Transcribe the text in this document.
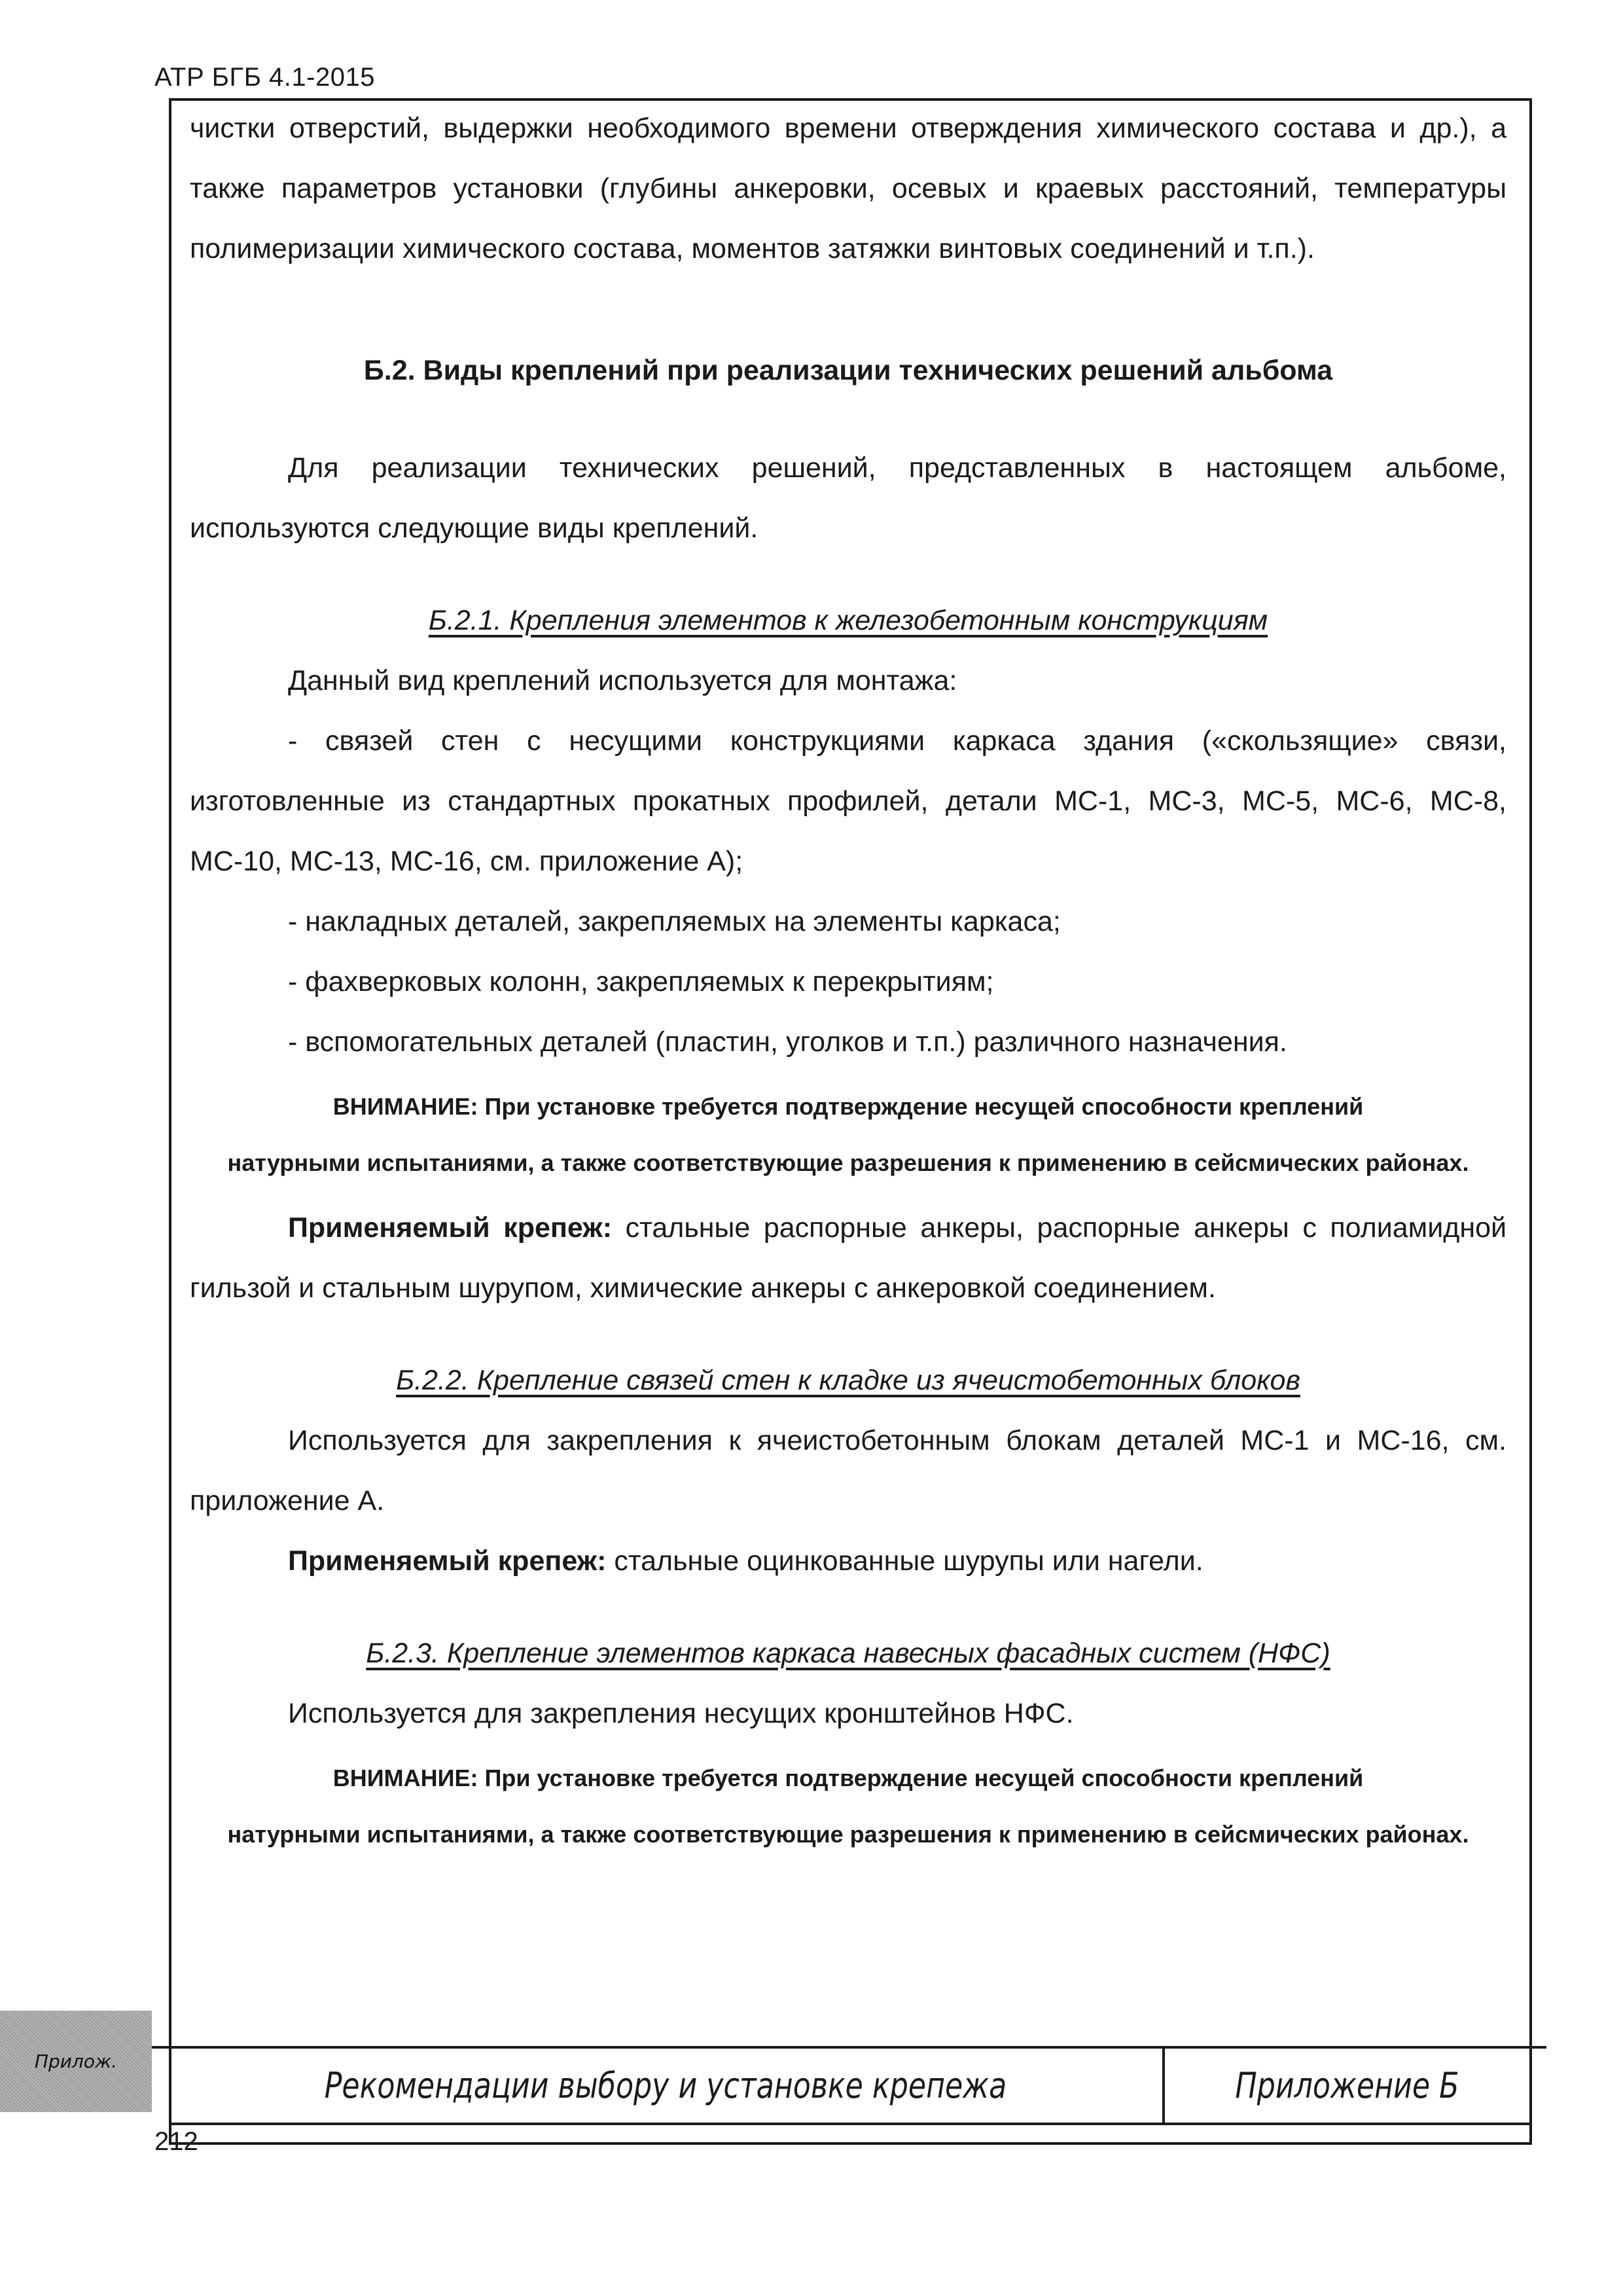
АТР БГБ 4.1-2015

чистки отверстий, выдержки необходимого времени отверждения химического состава и др.), а также параметров установки (глубины анкеровки, осевых и краевых расстояний, температуры полимеризации химического состава, моментов затяжки винтовых соединений и т.п.).

Б.2. Виды креплений при реализации технических решений альбома

Для реализации технических решений, представленных в настоящем альбоме, используются следующие виды креплений.

Б.2.1. Крепления элементов к железобетонным конструкциям

Данный вид креплений используется для монтажа:

- связей стен с несущими конструкциями каркаса здания («скользящие» связи, изготовленные из стандартных прокатных профилей, детали МС-1, МС-3, МС-5, МС-6, МС-8, МС-10, МС-13, МС-16, см. приложение А);

- накладных деталей, закрепляемых на элементы каркаса;

- фахверковых колонн, закрепляемых к перекрытиям;

- вспомогательных деталей (пластин, уголков и т.п.) различного назначения.

ВНИМАНИЕ: При установке требуется подтверждение несущей способности креплений

натурными испытаниями, а также соответствующие разрешения к применению в сейсмических районах.

Применяемый крепеж: стальные распорные анкеры, распорные анкеры с полиамидной гильзой и стальным шурупом, химические анкеры с анкеровкой соединением.

Б.2.2. Крепление связей стен к кладке из ячеистобетонных блоков

Используется для закрепления к ячеистобетонным блокам деталей МС-1 и МС-16, см. приложение А.

Применяемый крепеж: стальные оцинкованные шурупы или нагели.

Б.2.3. Крепление элементов каркаса навесных фасадных систем (НФС)

Используется для закрепления несущих кронштейнов НФС.

ВНИМАНИЕ: При установке требуется подтверждение несущей способности креплений

натурными испытаниями, а также соответствующие разрешения к применению в сейсмических районах.

Прилож.
Рекомендации выбору и установке крепежа	Приложение Б
212
